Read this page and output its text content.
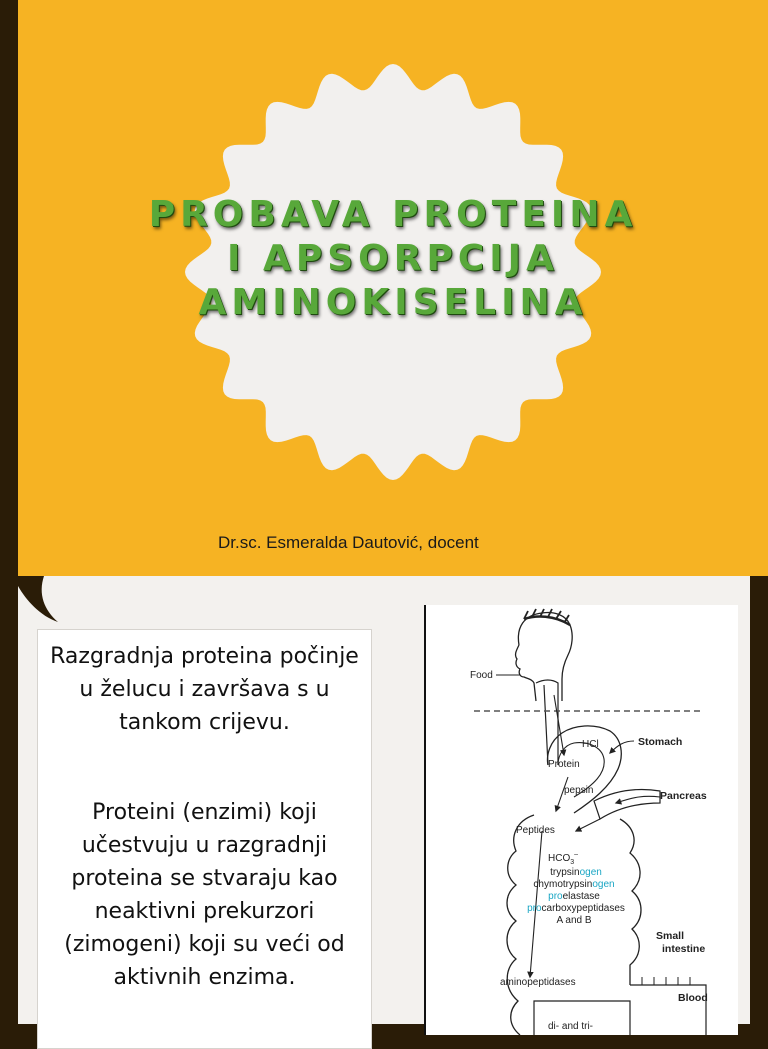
PROBAVA PROTEINA
I APSORPCIJA
AMINOKISELINA
Dr.sc. Esmeralda Dautović, docent

Razgradnja proteina počinje u želucu i završava s u tankom crijevu.

Proteini (enzimi) koji učestvuju u razgradnji proteina se stvaraju kao neaktivni prekurzori (zimogeni) koji su veći od aktivnih enzima.

Food
Stomach
HCl
Protein
pepsin	Pancreas
Peptides
$HCO_3^-$
trypsinogen
chymotrypsinogen
proelastase
procarboxypeptidases
A and B
Small
intestine
aminopeptidases
Blood
di- and tri-
